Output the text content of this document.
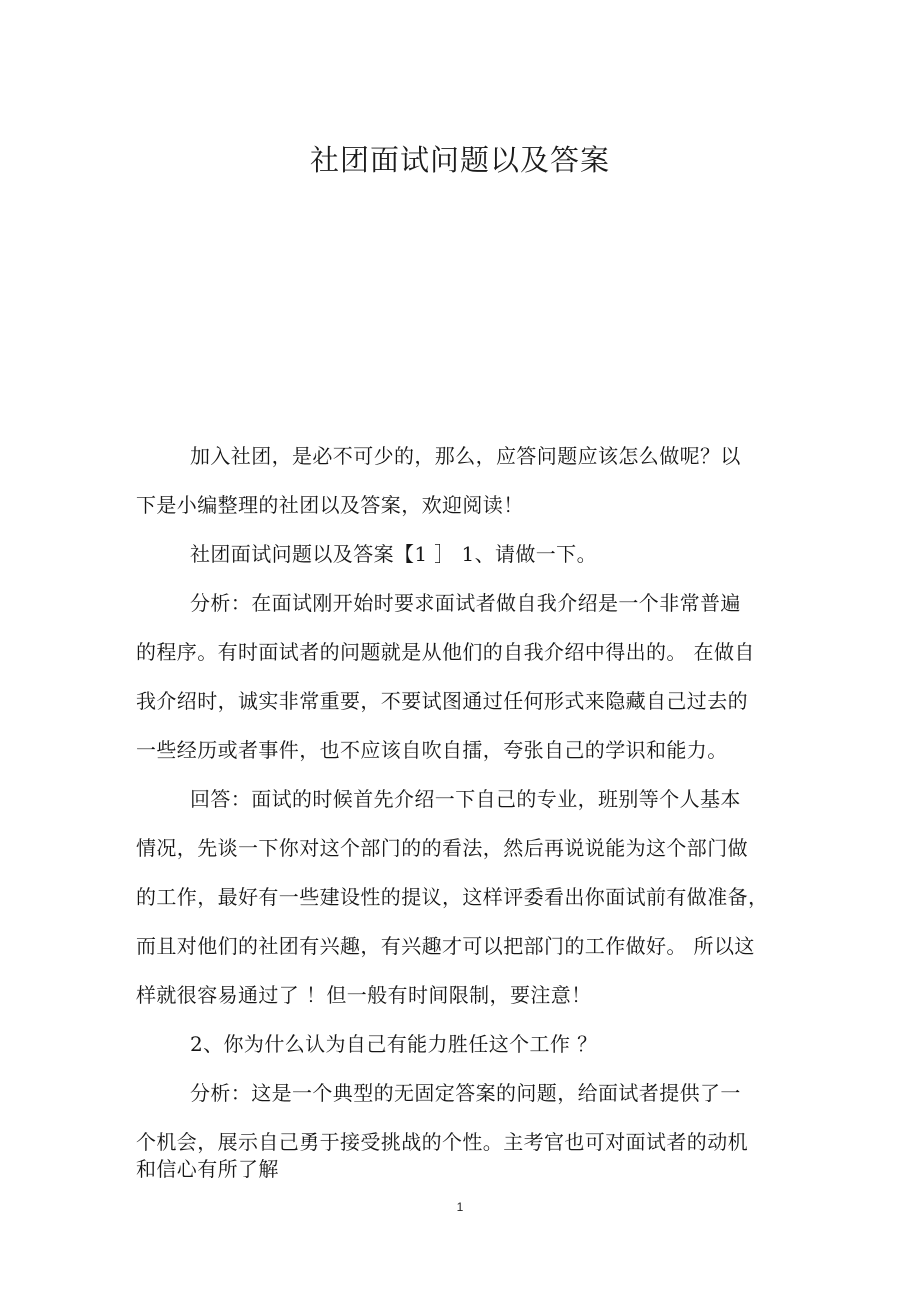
社团面试问题以及答案
加入社团，是必不可少的，那么，应答问题应该怎么做呢？以
下是小编整理的社团以及答案，欢迎阅读！
社团面试问题以及答案【1 ］ 1、请做一下。
分析：在面试刚开始时要求面试者做自我介绍是一个非常普遍
的程序。有时面试者的问题就是从他们的自我介绍中得出的。 在做自
我介绍时，诚实非常重要，不要试图通过任何形式来隐藏自己过去的
一些经历或者事件，也不应该自吹自擂，夸张自己的学识和能力。
回答：面试的时候首先介绍一下自己的专业，班别等个人基本
情况，先谈一下你对这个部门的的看法，然后再说说能为这个部门做
的工作，最好有一些建设性的提议，这样评委看出你面试前有做准备，
而且对他们的社团有兴趣，有兴趣才可以把部门的工作做好。 所以这
样就很容易通过了 ！但一般有时间限制，要注意！
2、你为什么认为自己有能力胜任这个工作 ？
分析：这是一个典型的无固定答案的问题，给面试者提供了一
个机会，展示自己勇于接受挑战的个性。主考官也可对面试者的动机
和信心有所了解
1
